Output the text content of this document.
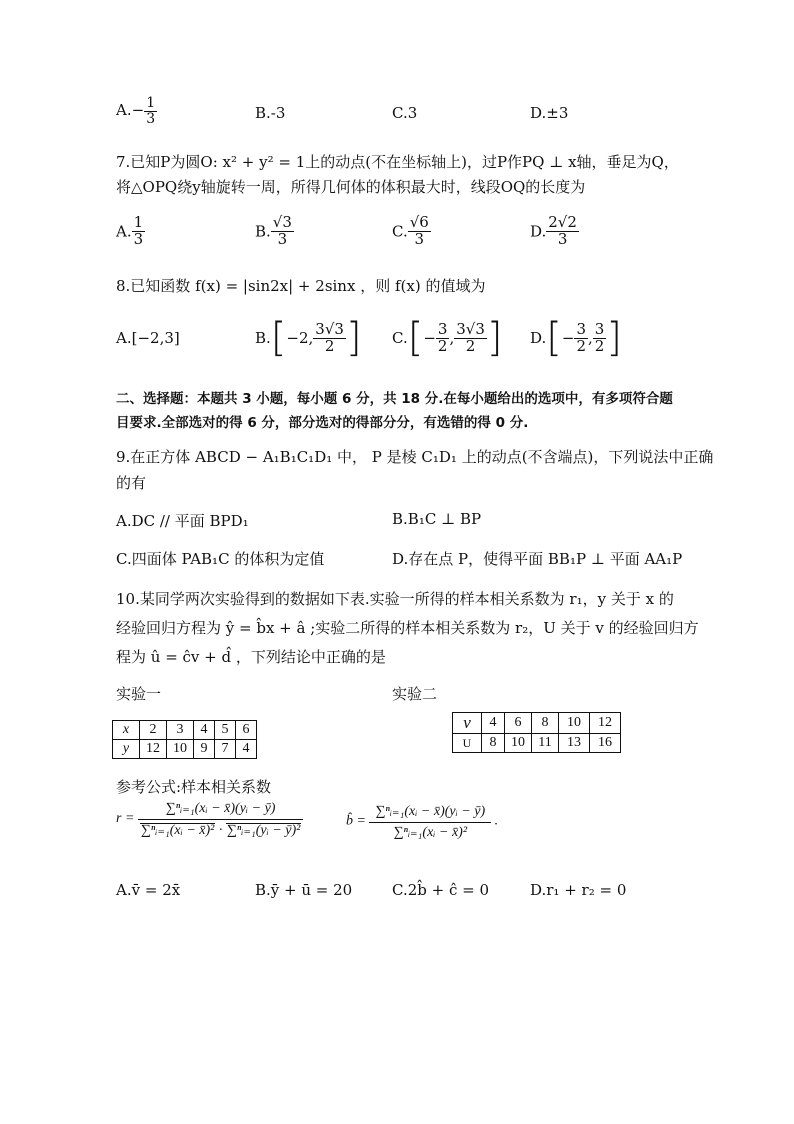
$A.- \frac{1}{3}$	B.-3	C.3	D.±3
7.已知P为圆O: x² + y² = 1上的动点(不在坐标轴上)，过P作PQ ⊥ x轴，垂足为Q，
将△OPQ绕y轴旋转一周，所得几何体的体积最大时，线段OQ的长度为
A. $\frac{1}{3}$	B. $\frac{√3}{3}$	C. $\frac{√6}{3}$	D. $\frac{2√2}{3}$
8.已知函数 f(x) = |sin2x| + 2sinx ，则 f(x) 的值域为
A.[−2,3]	B.[−2, $\frac{3√3}{2}$ ] $C.[- \frac{3}{2}$ , $\frac{3√3}{2}$ ] $D.[- \frac{3}{2}$ , $\frac{3}{2}$ ]
二、选择题：本题共 3 小题，每小题 6 分，共 18 分.在每小题给出的选项中，有多项符合题
目要求.全部选对的得 6 分，部分选对的得部分分，有选错的得 0 分.
9.在正方体 ABCD − A₁B₁C₁D₁ 中， P 是棱 C₁D₁ 上的动点(不含端点)，下列说法中正确
的有
A.DC // 平面 BPD₁	B.B₁C ⊥ BP
C.四面体 PAB₁C 的体积为定值	D.存在点 P，使得平面 BB₁P ⊥ 平面 AA₁P
10.某同学两次实验得到的数据如下表.实验一所得的样本相关系数为 r₁，y 关于 x 的
经验回归方程为 ŷ = b̂x + â ;实验二所得的样本相关系数为 r₂，U 关于 v 的经验回归方
程为 û = ĉv + d̂ ，下列结论中正确的是
实验一	实验二
x	2	3	4	5	6
y	12	10	9	7	4
v	4	6	8	10	12
U	8	10	11	13	16
参考公式:样本相关系数
$r = \frac{\text{∑ⁿᵢ₌₁(xᵢ − x̄)(yᵢ − ȳ)}}{\text{∑ⁿᵢ₌₁(xᵢ − x̄)² · ∑ⁿᵢ₌₁(yᵢ − ȳ)²}}$	b̂ = $\frac{\text{∑ⁿᵢ₌₁(xᵢ − x̄)(yᵢ − ȳ)}}{\text{∑ⁿᵢ₌₁(xᵢ − x̄)²}}$ .
A.v̄ = 2x̄	B.ȳ + ū = 20	C.2b̂ + ĉ = 0	D.r₁ + r₂ = 0
